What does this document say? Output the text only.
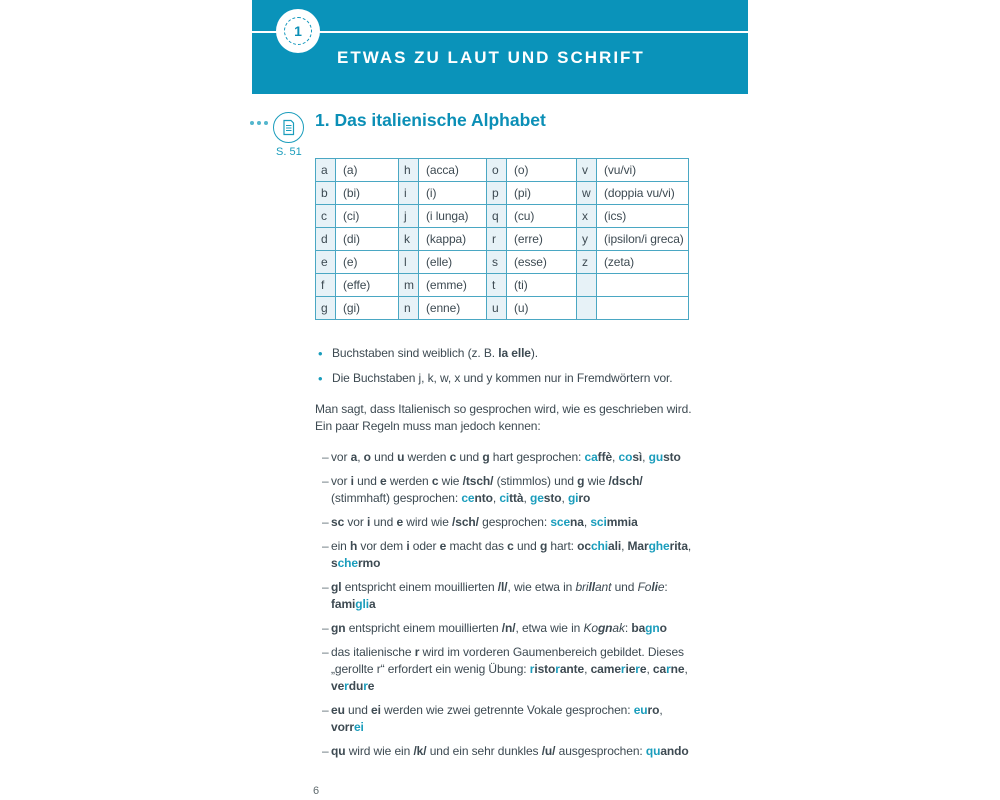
1
ETWAS ZU LAUT UND SCHRIFT
S. 51
1. Das italienische Alphabet
a	(a)	h	(acca)	o	(o)	v	(vu/vi)
b	(bi)	i	(i)	p	(pi)	w	(doppia vu/vi)
c	(ci)	j	(i lunga)	q	(cu)	x	(ics)
d	(di)	k	(kappa)	r	(erre)	y	(ipsilon/i greca)
e	(e)	l	(elle)	s	(esse)	z	(zeta)
f	(effe)	m	(emme)	t	(ti)		
g	(gi)	n	(enne)	u	(u)		
• Buchstaben sind weiblich (z. B. la elle).
• Die Buchstaben j, k, w, x und y kommen nur in Fremdwörtern vor.

Man sagt, dass Italienisch so gesprochen wird, wie es geschrieben wird. Ein paar Regeln muss man jedoch kennen:

– vor a, o und u werden c und g hart gesprochen: caffè, così, gusto
– vor i und e werden c wie /tsch/ (stimmlos) und g wie /dsch/ (stimmhaft) gesprochen: cento, città, gesto, giro
– sc vor i und e wird wie /sch/ gesprochen: scena, scimmia
– ein h vor dem i oder e macht das c und g hart: occhiali, Margherita, schermo
– gl entspricht einem mouillierten /l/, wie etwa in brillant und Folie: famiglia
– gn entspricht einem mouillierten /n/, etwa wie in Kognak: bagno
– das italienische r wird im vorderen Gaumenbereich gebildet. Dieses „gerollte r“ erfordert ein wenig Übung: ristorante, cameriere, carne, verdure
– eu und ei werden wie zwei getrennte Vokale gesprochen: euro, vorrei
– qu wird wie ein /k/ und ein sehr dunkles /u/ ausgesprochen: quando
6
